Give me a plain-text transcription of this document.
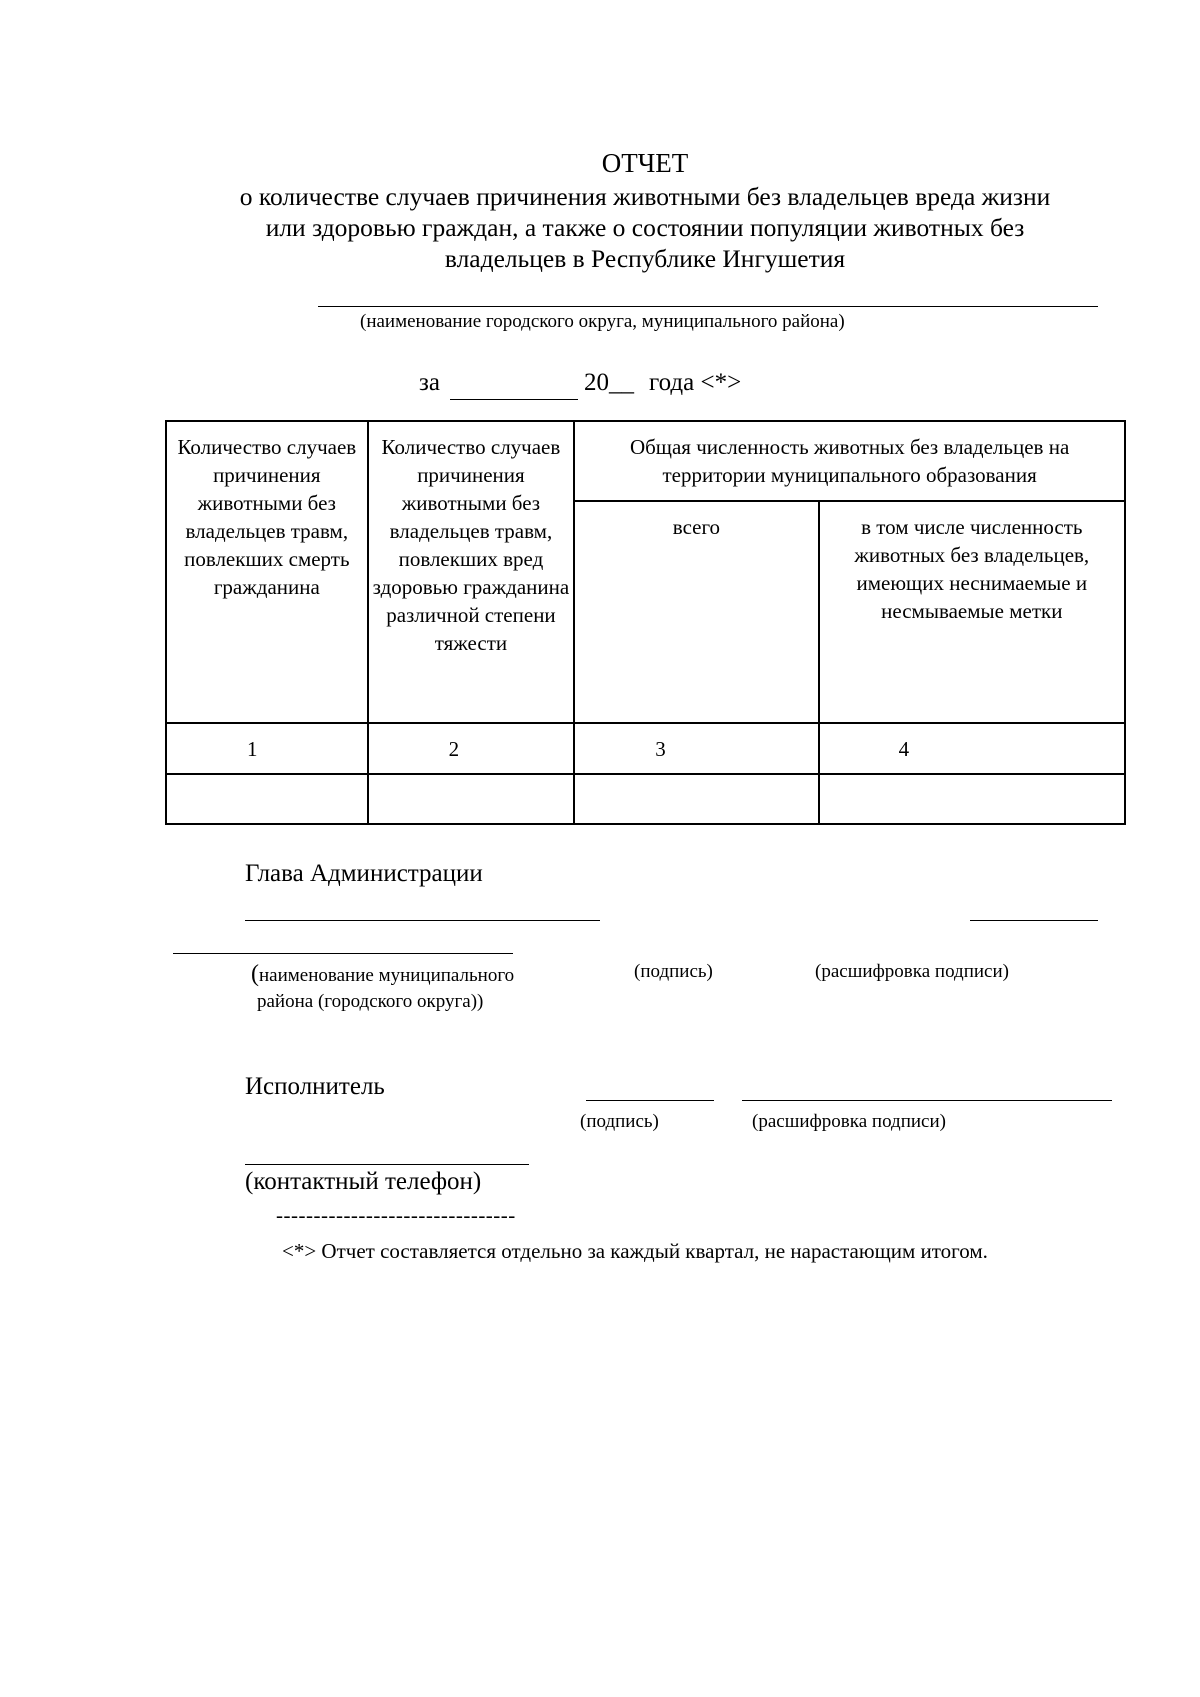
ОТЧЕТ
о количестве случаев причинения животными без владельцев вреда жизни
или здоровью граждан, а также о состоянии популяции животных без
владельцев в Республике Ингушетия
(наименование городского округа, муниципального района)
за	20__ года <*>
Количество случаев причинения животными без владельцев травм, повлекших смерть гражданина	Количество случаев причинения животными без владельцев травм, повлекших вред здоровью гражданина различной степени тяжести	Общая численность животных без владельцев на территории муниципального образования	
		всего	в том числе численность животных без владельцев, имеющих неснимаемые и несмываемые метки
1	2	3	4

Глава Администрации
(наименование муниципального
района (городского округа))
(подпись)	(расшифровка подписи)
Исполнитель
(подпись)	(расшифровка подписи)
(контактный телефон)
--------------------------------
<*> Отчет составляется отдельно за каждый квартал, не нарастающим итогом.
